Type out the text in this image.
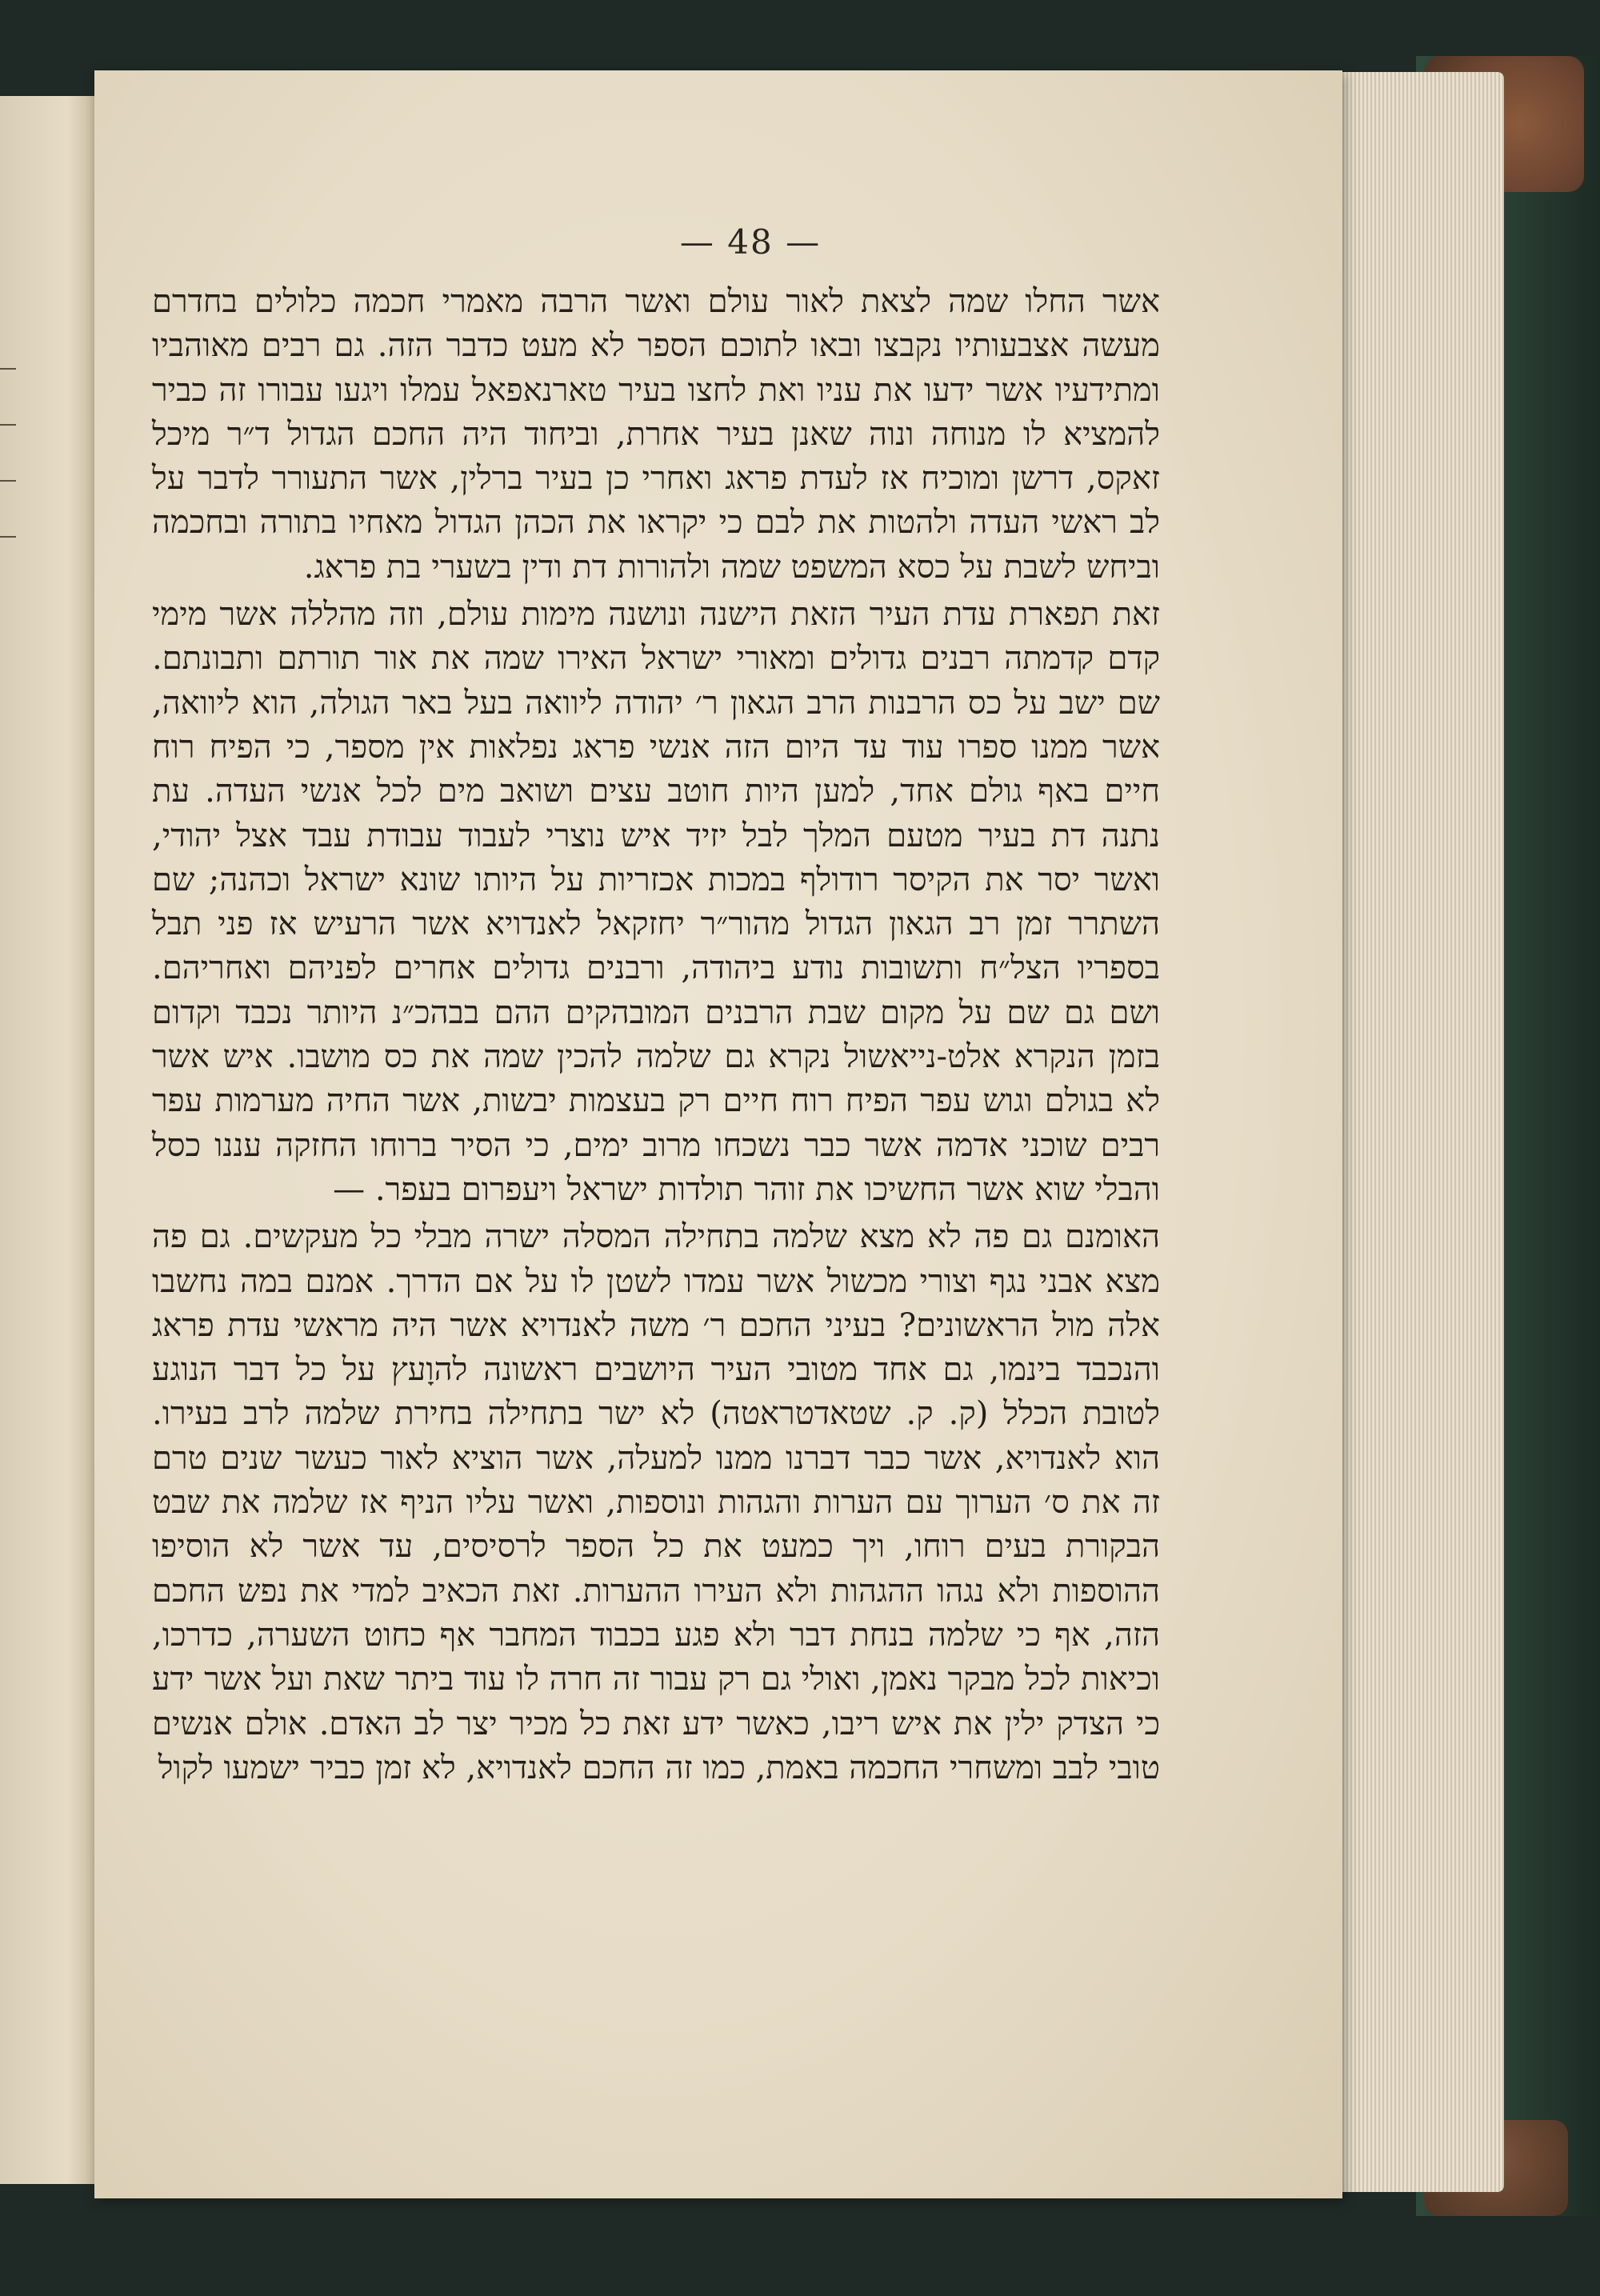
— 48 —

אשר החלו שמה לצאת לאור עולם ואשר הרבה מאמרי חכמה כלולים בחדרם מעשה אצבעותיו נקבצו ובאו לתוכם הספר לא מעט כדבר הזה. גם רבים מאוהביו ומתידעיו אשר ידעו את עניו ואת לחצו בעיר טארנאפאל עמלו ויגעו עבורו זה כביר להמציא לו מנוחה ונוה שאנן בעיר אחרת, וביחוד היה החכם הגדול ד״ר מיכל זאקס, דרשן ומוכיח אז לעדת פראג ואחרי כן בעיר ברלין, אשר התעורר לדבר על לב ראשי העדה ולהטות את לבם כי יקראו את הכהן הגדול מאחיו בתורה ובחכמה וביחש לשבת על כסא המשפט שמה ולהורות דת ודין בשערי בת פראג.

זאת תפארת עדת העיר הזאת הישנה ונושנה מימות עולם, וזה מהללה אשר מימי קדם קדמתה רבנים גדולים ומאורי ישראל האירו שמה את אור תורתם ותבונתם. שם ישב על כס הרבנות הרב הגאון ר׳ יהודה ליוואה בעל באר הגולה, הוא ליוואה, אשר ממנו ספרו עוד עד היום הזה אנשי פראג נפלאות אין מספר, כי הפיח רוח חיים באף גולם אחד, למען היות חוטב עצים ושואב מים לכל אנשי העדה. עת נתנה דת בעיר מטעם המלך לבל יזיד איש נוצרי לעבוד עבודת עבד אצל יהודי, ואשר יסר את הקיסר רודולף במכות אכזריות על היותו שונא ישראל וכהנה; שם השתרר זמן רב הגאון הגדול מהור״ר יחזקאל לאנדויא אשר הרעיש אז פני תבל בספריו הצל״ח ותשובות נודע ביהודה, ורבנים גדולים אחרים לפניהם ואחריהם. ושם גם שם על מקום שבת הרבנים המובהקים ההם בבהכ״נ היותר נכבד וקדום בזמן הנקרא אלט-נייאשול נקרא גם שלמה להכין שמה את כס מושבו. איש אשר לא בגולם וגוש עפר הפיח רוח חיים רק בעצמות יבשות, אשר החיה מערמות עפר רבים שוכני אדמה אשר כבר נשכחו מרוב ימים, כי הסיר ברוחו החזקה עננו כסל והבלי שוא אשר החשיכו את זוהר תולדות ישראל ויעפרום בעפר. —

האומנם גם פה לא מצא שלמה בתחילה המסלה ישרה מבלי כל מעקשים. גם פה מצא אבני נגף וצורי מכשול אשר עמדו לשטן לו על אם הדרך. אמנם במה נחשבו אלה מול הראשונים? בעיני החכם ר׳ משה לאנדויא אשר היה מראשי עדת פראג והנכבד בינמו, גם אחד מטובי העיר היושבים ראשונה להוָעץ על כל דבר הנוגע לטובת הכלל (ק. ק. שטאדטראטה) לא ישר בתחילה בחירת שלמה לרב בעירו. הוא לאנדויא, אשר כבר דברנו ממנו למעלה, אשר הוציא לאור כעשר שנים טרם זה את ס׳ הערוך עם הערות והגהות ונוספות, ואשר עליו הניף אז שלמה את שבט הבקורת בעים רוחו, ויך כמעט את כל הספר לרסיסים, עד אשר לא הוסיפו ההוספות ולא נגהו ההגהות ולא העירו ההערות. זאת הכאיב למדי את נפש החכם הזה, אף כי שלמה בנחת דבר ולא פגע בכבוד המחבר אף כחוט השערה, כדרכו, וכיאות לכל מבקר נאמן, ואולי גם רק עבור זה חרה לו עוד ביתר שאת ועל אשר ידע כי הצדק ילין את איש ריבו, כאשר ידע זאת כל מכיר יצר לב האדם. אולם אנשים טובי לבב ומשחרי החכמה באמת, כמו זה החכם לאנדויא, לא זמן כביר ישמעו לקול
